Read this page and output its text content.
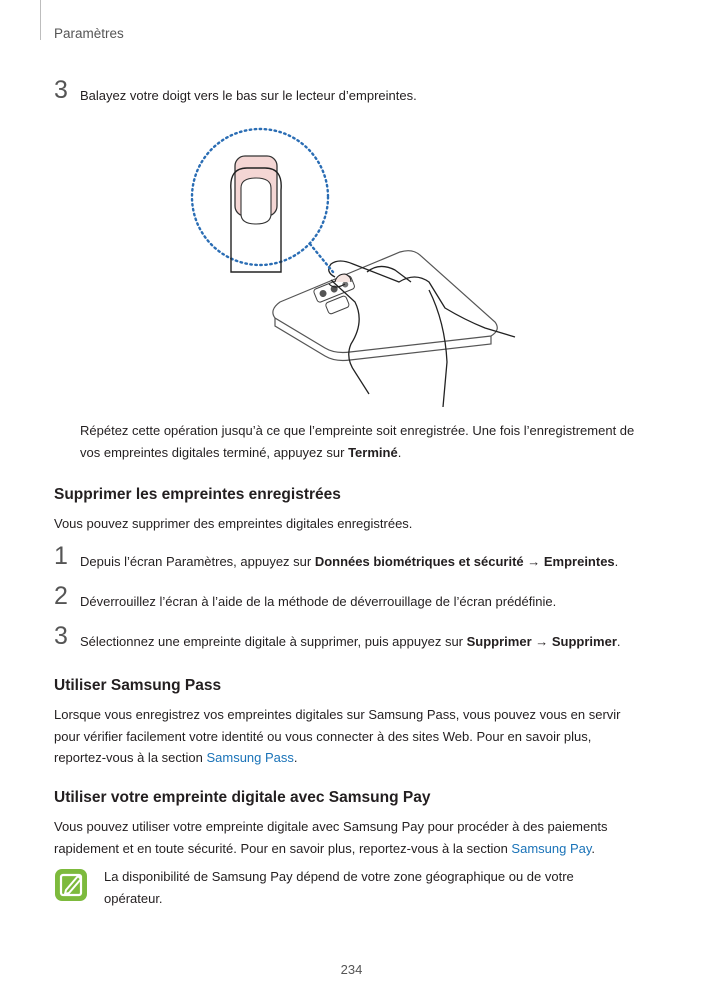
Paramètres
3 Balayez votre doigt vers le bas sur le lecteur d’empreintes.
Répétez cette opération jusqu’à ce que l’empreinte soit enregistrée. Une fois l’enregistrement de
vos empreintes digitales terminé, appuyez sur Terminé.
Supprimer les empreintes enregistrées
Vous pouvez supprimer des empreintes digitales enregistrées.
1 Depuis l’écran Paramètres, appuyez sur Données biométriques et sécurité → Empreintes.
2 Déverrouillez l’écran à l’aide de la méthode de déverrouillage de l’écran prédéfinie.
3 Sélectionnez une empreinte digitale à supprimer, puis appuyez sur Supprimer → Supprimer.
Utiliser Samsung Pass
Lorsque vous enregistrez vos empreintes digitales sur Samsung Pass, vous pouvez vous en servir
pour vérifier facilement votre identité ou vous connecter à des sites Web. Pour en savoir plus,
reportez-vous à la section Samsung Pass.
Utiliser votre empreinte digitale avec Samsung Pay
Vous pouvez utiliser votre empreinte digitale avec Samsung Pay pour procéder à des paiements
rapidement et en toute sécurité. Pour en savoir plus, reportez-vous à la section Samsung Pay.
La disponibilité de Samsung Pay dépend de votre zone géographique ou de votre
opérateur.
234
